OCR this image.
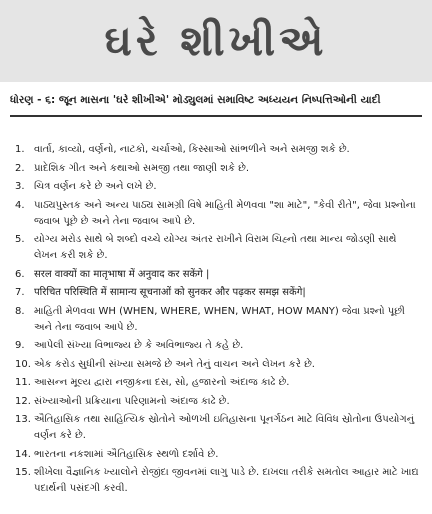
ઘરે શીખીએ
ધોરણ - ૬: જૂન માસના 'ઘરે શીખીએ' મોડ્યુલમાં સમાવિષ્ટ અધ્યયન નિષ્પત્તિઓની યાદી
1. વાર્તા, કાવ્યો, વર્ણનો, નાટકો, ચર્ચાઓ, કિસ્સાઓ સાંભળીને અને સમજી શકે છે.
2. પ્રાદેશિક ગીત અને કથાઓ સમજી તથા જાણી શકે છે.
3. ચિત્ર વર્ણન કરે છે અને લખે છે.
4. પાઠ્યપુસ્તક અને અન્ય પાઠ્ય સામગ્રી વિષે માહિતી મેળવવા "શા માટે", "કેવી રીતે", જેવા પ્રશ્નોના જવાબ પૂછે છે અને તેના જવાબ આપે છે.
5. યોગ્ય મરોડ સાથે બે શબ્દો વચ્ચે યોગ્ય અંતર રાખીને વિરામ ચિહ્નો તથા માન્ય જોડણી સાથે લેખન કરી શકે છે.
6. सरल वाक्यों का मातृभाषा में अनुवाद कर सकेंगे |
7. परिचित परिस्थिति में सामान्य सूचनाओं को सुनकर और पढ़कर समझ सकेंगे|
8. માહિતી મેળવવા WH (WHEN, WHERE, WHEN, WHAT, HOW MANY) જેવા પ્રશ્નો પૂછી અને તેના જવાબ આપે છે.
9. આપેલી સંખ્યા વિભાજ્ય છે કે અવિભાજ્ય તે કહે છે.
10. એક કરોડ સુધીની સંખ્યા સમજે છે અને તેનું વાચન અને લેખન કરે છે.
11. આસન્ન મૂલ્ય દ્વારા નજીકના દસ, સો, હજારનો અંદાજ કાઢે છે.
12. સંખ્યાઓની પ્રક્રિયાના પરિણામનો અંદાજ કાઢે છે.
13. ઐતિહાસિક તથા સાહિત્યિક સ્રોતોને ઓળખી ઇતિહાસના પૂનર્ગઠન માટે વિવિધ સ્રોતોના ઉપયોગનું વર્ણન કરે છે.
14. ભારતના નકશામાં ઐતિહાસિક સ્થળો દર્શાવે છે.
15. શીખેલા વૈજ્ઞાનિક ખ્યાલોને રોજીંદા જીવનમાં લાગુ પાડે છે. દાખલા તરીકે સમતોલ આહાર માટે ખાદ્ય પદાર્થની પસંદગી કરવી.
